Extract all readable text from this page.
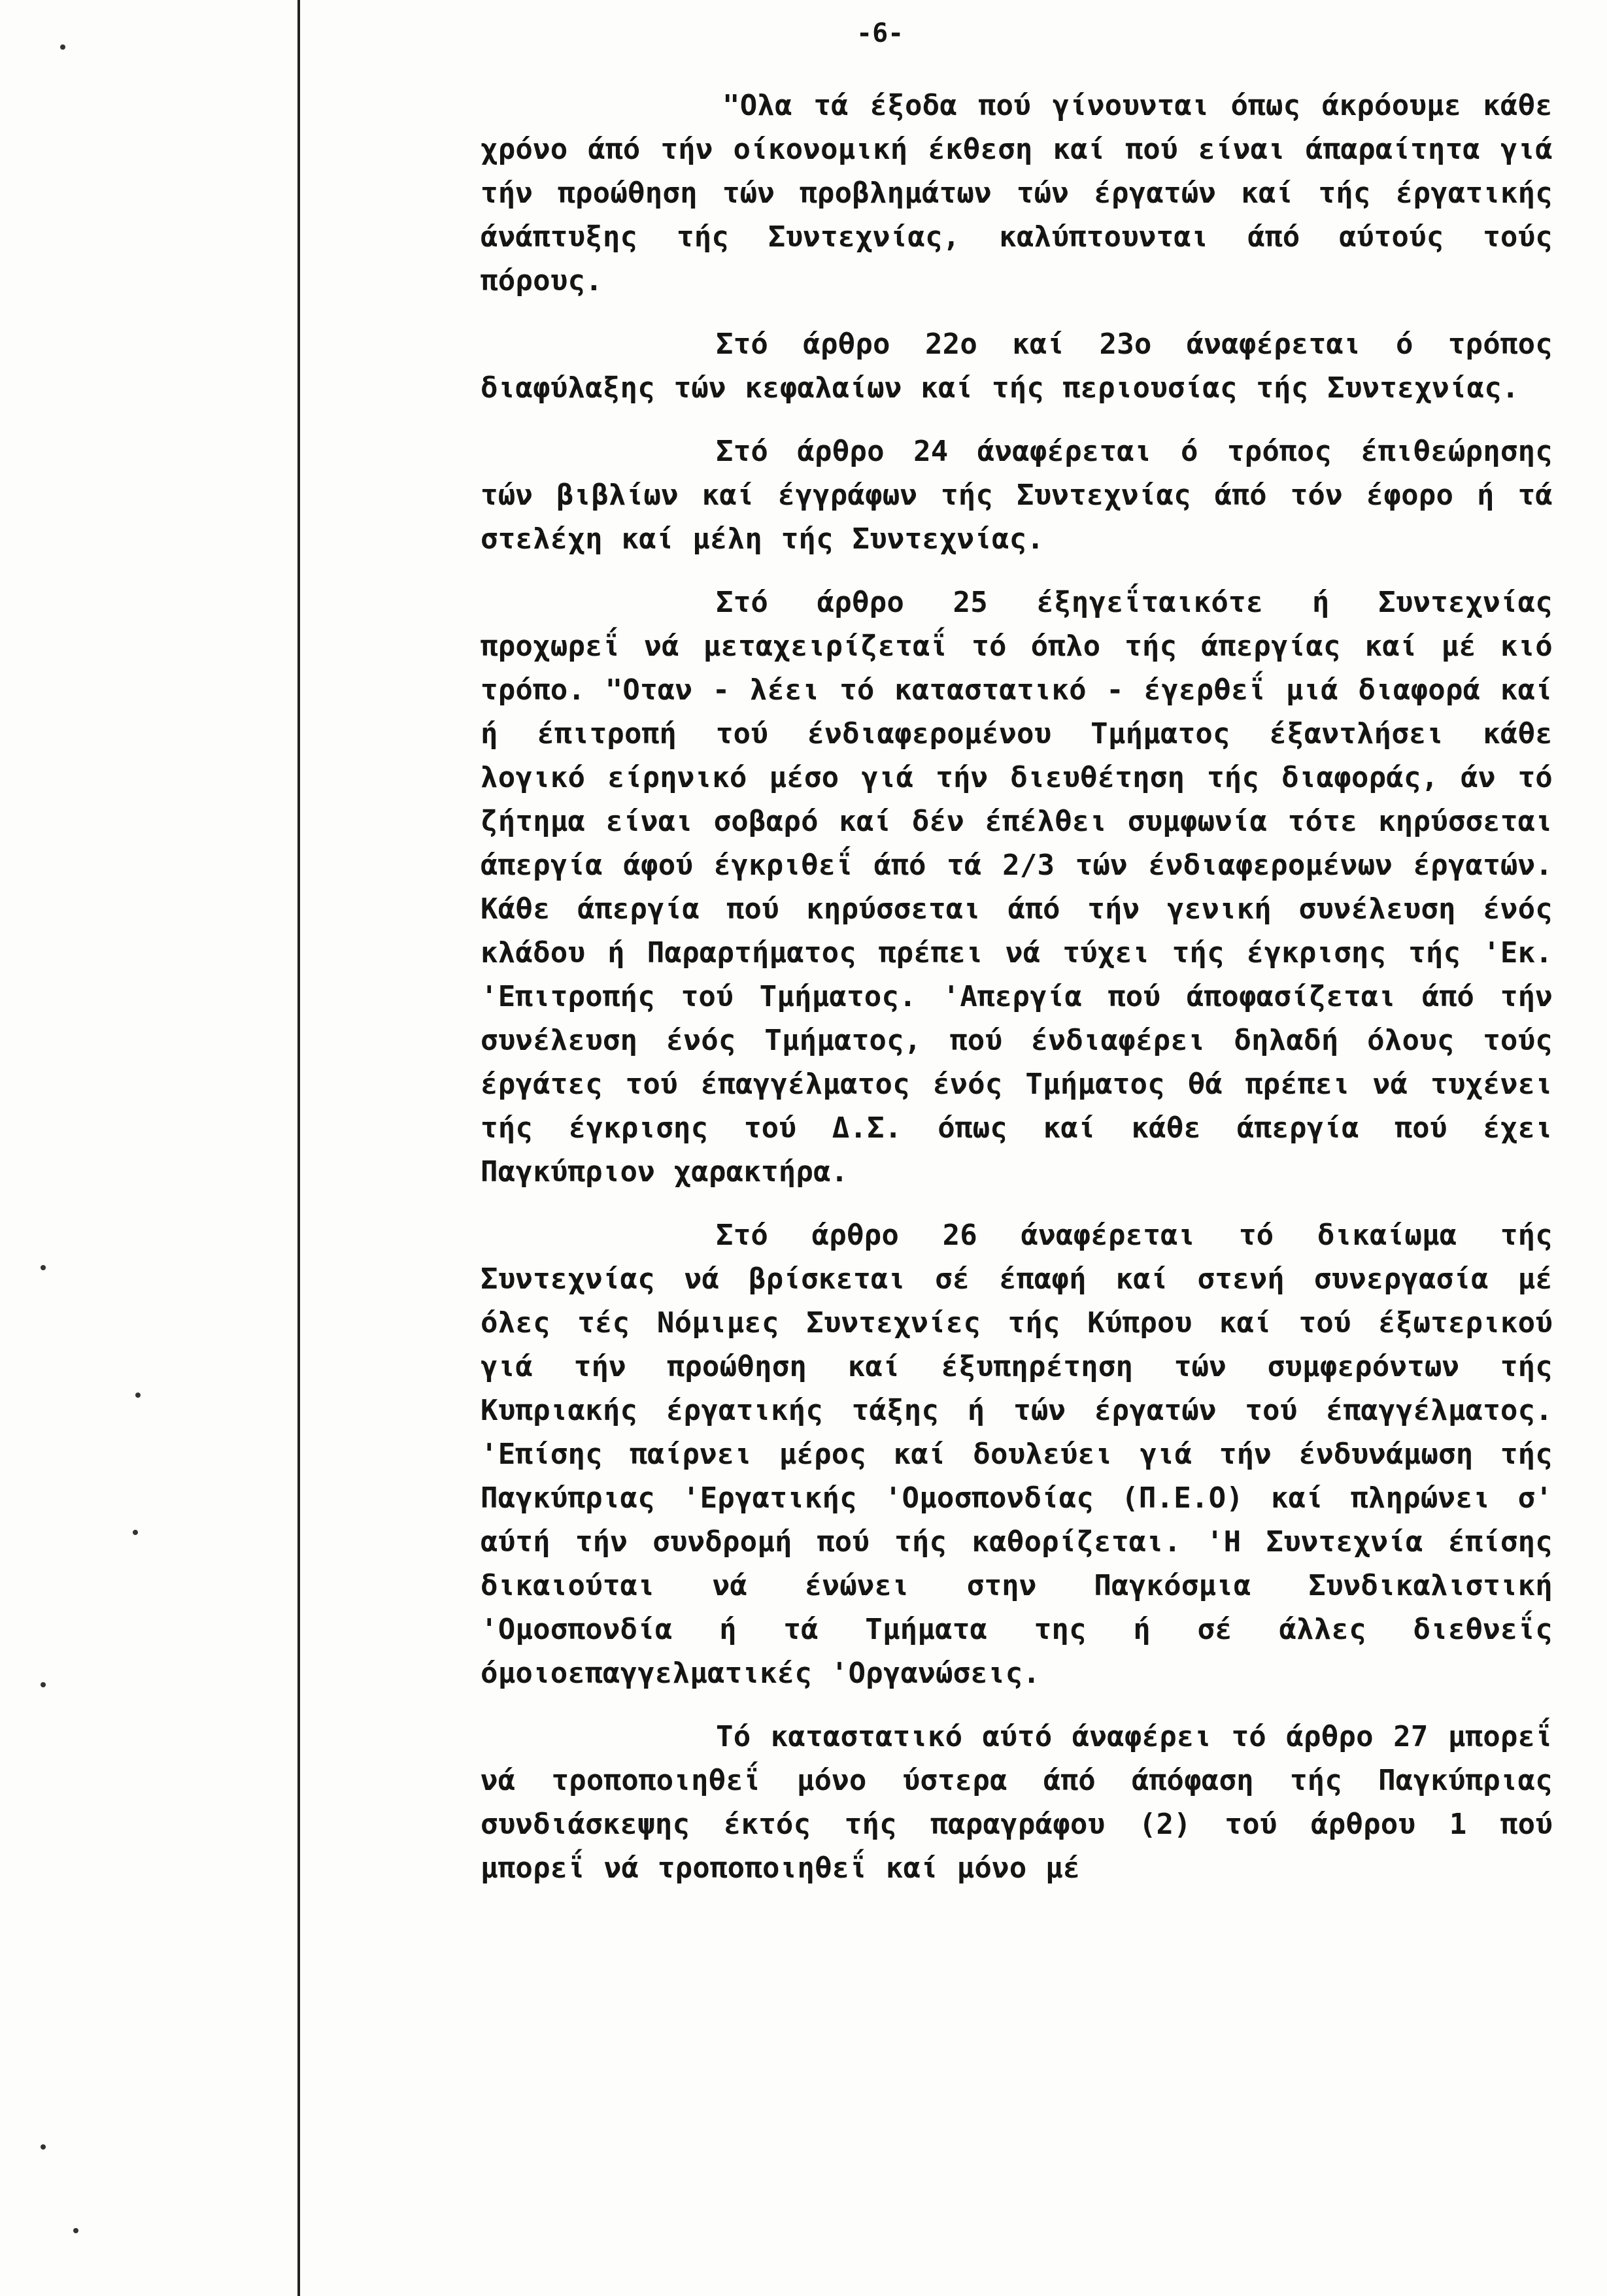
-6-

"Ολα τά έξοδα πού γίνουνται όπως άκρόουμε κάθε χρόνο άπό τήν οίκονομική έκθεση καί πού είναι άπαραίτητα γιά τήν προώθηση τών προβλημάτων τών έργατών καί τής έργατικής άνάπτυξης τής Συντεχνίας, καλύπτουνται άπό αύτούς τούς πόρους.

Στό άρθρο 22ο καί 23ο άναφέρεται ό τρόπος διαφύλαξης τών κεφαλαίων καί τής περιουσίας τής Συντεχνίας.

Στό άρθρο 24 άναφέρεται ό τρόπος έπιθεώρησης τών βιβλίων καί έγγράφων τής Συντεχνίας άπό τόν έφορο ή τά στελέχη καί μέλη τής Συντεχνίας.

Στό άρθρο 25 έξηγεΐταικότε ή Συντεχνίας προχωρεΐ νά μεταχειρίζεταΐ τό όπλο τής άπεργίας καί μέ κιό τρόπο. "Οταν - λέει τό καταστατικό - έγερθεΐ μιά διαφορά καί ή έπιτροπή τού ένδιαφερομένου Τμήματος έξαντλήσει κάθε λογικό είρηνικό μέσο γιά τήν διευθέτηση τής διαφοράς, άν τό ζήτημα είναι σοβαρό καί δέν έπέλθει συμφωνία τότε κηρύσσεται άπεργία άφού έγκριθεΐ άπό τά 2/3 τών ένδιαφερομένων έργατών. Κάθε άπεργία πού κηρύσσεται άπό τήν γενική συνέλευση ένός κλάδου ή Παραρτήματος πρέπει νά τύχει τής έγκρισης τής 'Εκ. 'Επιτροπής τού Τμήματος. 'Απεργία πού άποφασίζεται άπό τήν συνέλευση ένός Τμήματος, πού ένδιαφέρει δηλαδή όλους τούς έργάτες τού έπαγγέλματος ένός Τμήματος θά πρέπει νά τυχένει τής έγκρισης τού Δ.Σ. όπως καί κάθε άπεργία πού έχει Παγκύπριον χαρακτήρα.

Στό άρθρο 26 άναφέρεται τό δικαίωμα τής Συντεχνίας νά βρίσκεται σέ έπαφή καί στενή συνεργασία μέ όλες τές Νόμιμες Συντεχνίες τής Κύπρου καί τού έξωτερικού γιά τήν προώθηση καί έξυπηρέτηση τών συμφερόντων τής Κυπριακής έργατικής τάξης ή τών έργατών τού έπαγγέλματος. 'Επίσης παίρνει μέρος καί δουλεύει γιά τήν ένδυνάμωση τής Παγκύπριας 'Εργατικής 'Ομοσπονδίας (Π.Ε.Ο) καί πληρώνει σ' αύτή τήν συνδρομή πού τής καθορίζεται. 'Η Συντεχνία έπίσης δικαιούται νά ένώνει στην Παγκόσμια Συνδικαλιστική 'Ομοσπονδία ή τά Τμήματα της ή σέ άλλες διεθνεΐς όμοιοεπαγγελματικές 'Οργανώσεις.

Τό καταστατικό αύτό άναφέρει τό άρθρο 27 μπορεΐ νά τροποποιηθεΐ μόνο ύστερα άπό άπόφαση τής Παγκύπριας συνδιάσκεψης έκτός τής παραγράφου (2) τού άρθρου 1 πού μπορεΐ νά τροποποιηθεΐ καί μόνο μέ
